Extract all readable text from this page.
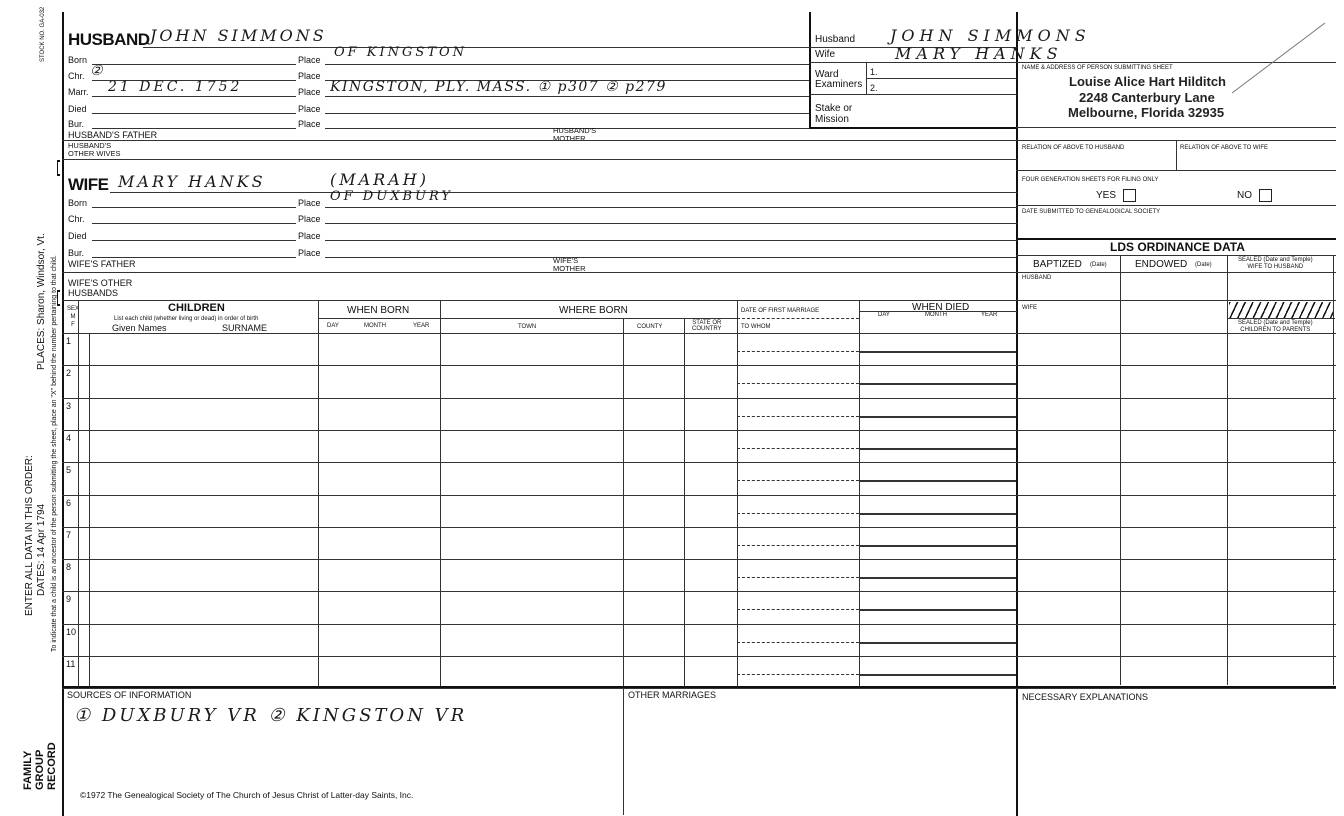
STOCK NO. GA-032
PLACES: Sharon, Windsor, Vt.
ENTER ALL DATA IN THIS ORDER: DATES: 14 Apr 1794 To indicate that a child is an ancestor of the person submitting the sheet, place an "X" behind the number pertaining to that child.
FAMILY GROUP RECORD
HUSBAND JOHN SIMMONS
Born	Place OF KINGSTON
Chr. ②	Place
Marr. 21 DEC. 1752	Place KINGSTON, PLY. MASS. ① p307 ② p279
Died	Place
Bur.	Place
HUSBAND'S FATHER	HUSBAND'S
MOTHER
HUSBAND'S
OTHER WIVES
WIFE MARY HANKS	(MARAH)
Born	Place OF DUXBURY
Chr.	Place
Died	Place
Bur.	Place
WIFE'S FATHER	WIFE'S
MOTHER
WIFE'S OTHER
HUSBANDS
Husband JOHN SIMMONS
Wife	MARY HANKS
Ward
Examiners
1.
2.
Stake or
Mission
NAME & ADDRESS OF PERSON SUBMITTING SHEET
Louise Alice Hart Hilditch
2248 Canterbury Lane
Melbourne, Florida 32935
RELATION OF ABOVE TO HUSBAND	RELATION OF ABOVE TO WIFE
FOUR GENERATION SHEETS FOR FILING ONLY
YES	NO
DATE SUBMITTED TO GENEALOGICAL SOCIETY
LDS ORDINANCE DATA
BAPTIZED (Date)	ENDOWED (Date)
SEALED (Date and Temple)
WIFE TO HUSBAND
HUSBAND
WIFE
SEALED (Date and Temple)
CHILDREN TO PARENTS
SEX
M
F
CHILDREN
List each child (whether living or dead) in order of birth
Given Names	SURNAME
WHEN BORN
DAY	MONTH	YEAR
WHERE BORN
TOWN	COUNTY
STATE OR
COUNTRY
DATE OF FIRST MARRIAGE
TO WHOM
WHEN DIED
DAY	MONTH	YEAR
1
2
3
4
5
6
7
8
9
10
11
SOURCES OF INFORMATION
① DUXBURY VR ② KINGSTON VR
OTHER MARRIAGES	NECESSARY EXPLANATIONS
©1972 The Genealogical Society of The Church of Jesus Christ of Latter-day Saints, Inc.
